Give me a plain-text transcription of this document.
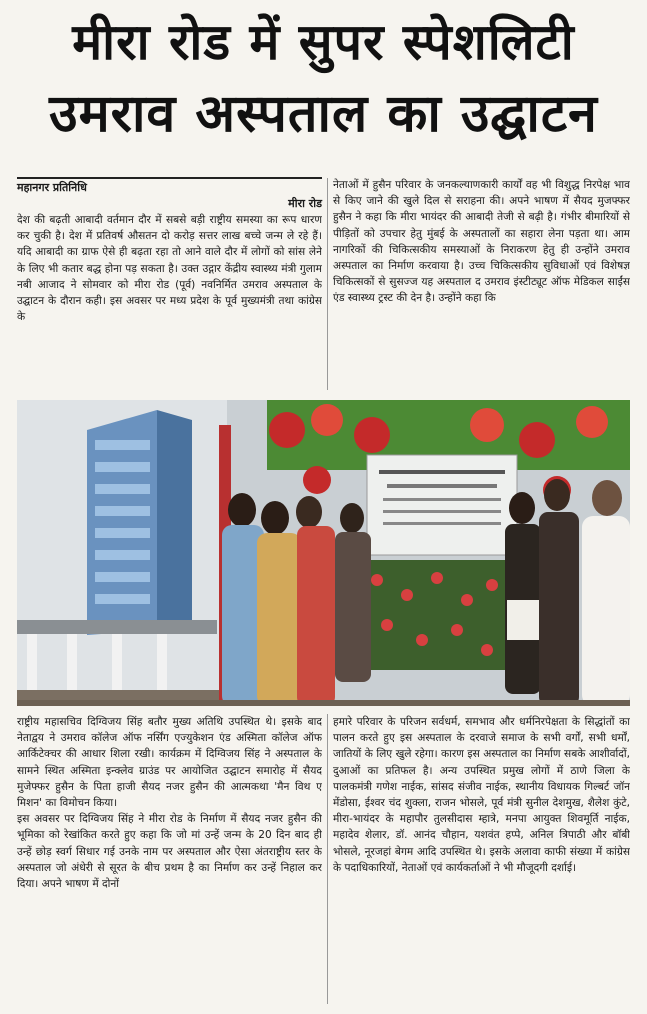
मीरा रोड में सुपर स्पेशलिटी
उमराव अस्पताल का उद्घाटन
महानगर प्रतिनिधि
मीरा रोड

देश की बढ़ती आबादी वर्तमान दौर में सबसे बड़ी राष्ट्रीय समस्या का रूप धारण कर चुकी है। देश में प्रतिवर्ष औसतन दो करोड़ सत्तर लाख बच्चे जन्म ले रहे हैं। यदि आबादी का ग्राफ ऐसे ही बढ़ता रहा तो आने वाले दौर में लोगों को सांस लेने के लिए भी कतार बद्ध होना पड़ सकता है। उक्त उद्गार केंद्रीय स्वास्थ्य मंत्री गुलाम नबी आजाद ने सोमवार को मीरा रोड (पूर्व) नवनिर्मित उमराव अस्पताल के उद्घाटन के दौरान कही। इस अवसर पर मध्य प्रदेश के पूर्व मुख्यमंत्री तथा कांग्रेस के

नेताओं में हुसैन परिवार के जनकल्याणकारी कार्यों वह भी विशुद्ध निरपेक्ष भाव से किए जाने की खुले दिल से सराहना की। अपने भाषण में सैयद मुजफ्फर हुसैन ने कहा कि मीरा भायंदर की आबादी तेजी से बढ़ी है। गंभीर बीमारियों से पीड़ितों को उपचार हेतु मुंबई के अस्पतालों का सहारा लेना पड़ता था। आम नागरिकों की चिकित्सकीय समस्याओं के निराकरण हेतु ही उन्होंने उमराव अस्पताल का निर्माण करवाया है। उच्च चिकित्सकीय सुविधाओं एवं विशेषज्ञ चिकित्सकों से सुसज्ज यह अस्पताल द उमराव इंस्टीट्यूट ऑफ मेडिकल साईंस एंड स्वास्थ्य ट्रस्ट की देन है। उन्होंने कहा कि

राष्ट्रीय महासचिव दिग्विजय सिंह बतौर मुख्य अतिथि उपस्थित थे। इसके बाद नेताद्वय ने उमराव कॉलेज ऑफ नर्सिंग एज्युकेशन एंड अस्मिता कॉलेज ऑफ आर्किटेक्चर की आधार शिला रखी। कार्यक्रम में दिग्विजय सिंह ने अस्पताल के सामने स्थित अस्मिता इन्क्लेव ग्राउंड पर आयोजित उद्घाटन समारोह में सैयद मुजेफ्फर हुसैन के पिता हाजी सैयद नजर हुसैन की आत्मकथा 'मैन विथ ए मिशन' का विमोचन किया।

इस अवसर पर दिग्विजय सिंह ने मीरा रोड के निर्माण में सैयद नजर हुसैन की भूमिका को रेखांकित करते हुए कहा कि जो मां उन्हें जन्म के 20 दिन बाद ही उन्हें छोड़ स्वर्ग सिधार गई उनके नाम पर अस्पताल और ऐसा अंतराष्ट्रीय स्तर के अस्पताल जो अंधेरी से सूरत के बीच प्रथम है का निर्माण कर उन्हें निहाल कर दिया। अपने भाषण में दोनों

हमारे परिवार के परिजन सर्वधर्म, समभाव और धर्मनिरपेक्षता के सिद्धांतों का पालन करते हुए इस अस्पताल के दरवाजे समाज के सभी वर्गों, सभी धर्मों, जातियों के लिए खुले रहेगा। कारण इस अस्पताल का निर्माण सबके आशीर्वादों, दुआओं का प्रतिफल है। अन्य उपस्थित प्रमुख लोगों में ठाणे जिला के पालकमंत्री गणेश नाईक, सांसद संजीव नाईक, स्थानीय विधायक गिल्बर्ट जॉन मेंडोसा, ईश्वर चंद शुक्ला, राजन भोसले, पूर्व मंत्री सुनील देशमुख, शैलेश कुंटे, मीरा-भायंदर के महापौर तुलसीदास म्हात्रे, मनपा आयुक्त शिवमूर्ति नाईक, महादेव शेलार, डॉ. आनंद चौहान, यशवंत हप्पे, अनिल त्रिपाठी और बॉबी भोसले, नूरजहां बेगम आदि उपस्थित थे। इसके अलावा काफी संख्या में कांग्रेस के पदाधिकारियों, नेताओं एवं कार्यकर्ताओं ने भी मौजूदगी दर्शाई।
